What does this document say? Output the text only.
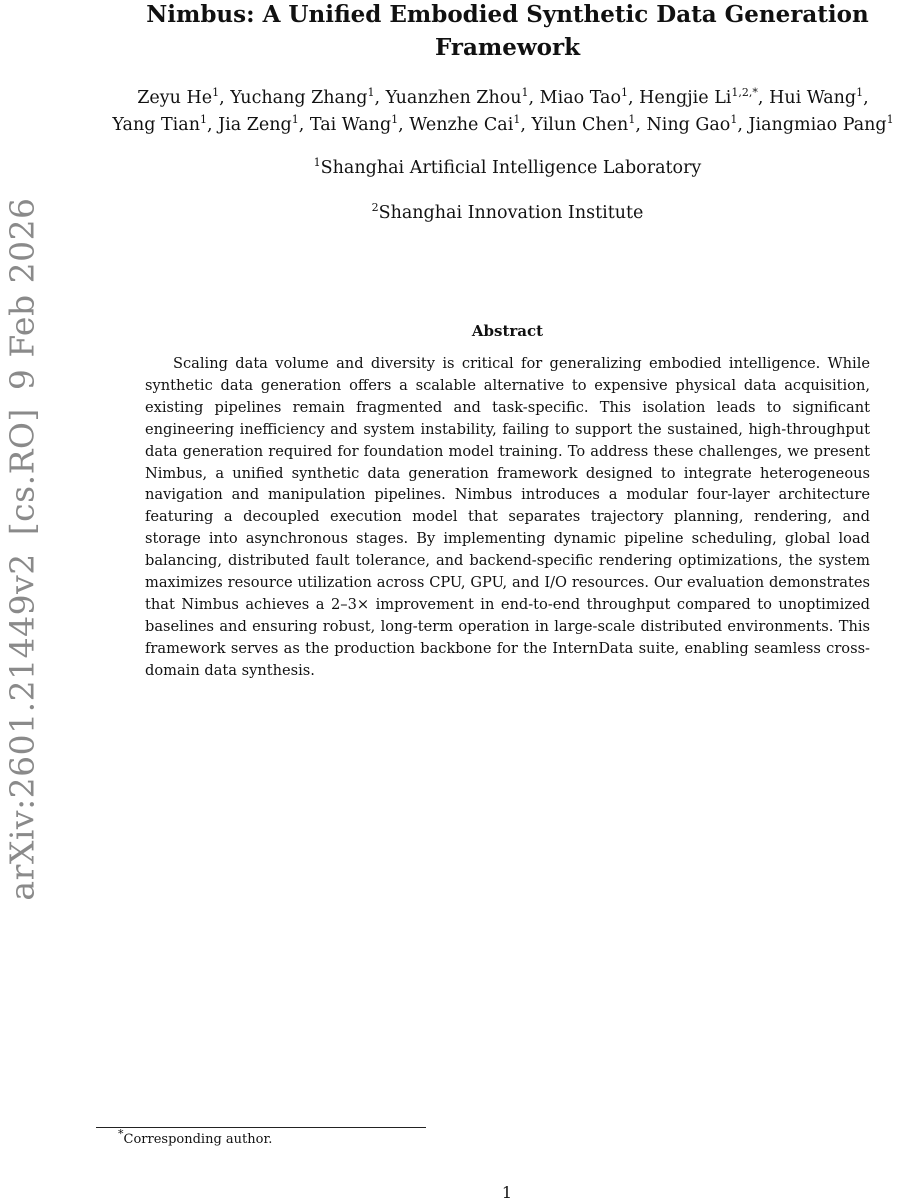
arXiv:2601.21449v2[cs.RO]9 Feb 2026
Nimbus: A Unified Embodied Synthetic Data Generation Framework

Zeyu He$^1$, Yuchang Zhang$^1$, Yuanzhen Zhou$^1$, Miao Tao$^1$, Hengjie $Li^{1,2,*}$, Hui Wang$^1$, Yang Tian$^1$, Jia Zeng$^1$, Tai Wang$^1$, Wenzhe Cai$^1$, Yilun Chen$^1$, Ning Gao$^1$, Jiangmiao Pang$^1$

$^1$Shanghai Artificial Intelligence Laboratory

$^2$Shanghai Innovation Institute

Abstract

Scaling data volume and diversity is critical for generalizing embodied intelligence. While synthetic data generation offers a scalable alternative to expensive physical data acquisition, existing pipelines remain fragmented and task-specific. This isolation leads to significant engineering inefficiency and system instability, failing to support the sustained, high-throughput data generation required for foundation model training. To address these challenges, we present Nimbus, a unified synthetic data generation framework designed to integrate heterogeneous navigation and manipulation pipelines. Nimbus introduces a modular four-layer architecture featuring a decoupled execution model that separates trajectory planning, rendering, and storage into asynchronous stages. By implementing dynamic pipeline scheduling, global load balancing, distributed fault tolerance, and backend-specific rendering optimizations, the system maximizes resource utilization across CPU, GPU, and I/O resources. Our evaluation demonstrates that Nimbus achieves a 2–3× improvement in end-to-end throughput compared to unoptimized baselines and ensuring robust, long-term operation in large-scale distributed environments. This framework serves as the production backbone for the InternData suite, enabling seamless cross-domain data synthesis.

*Corresponding author.

1
